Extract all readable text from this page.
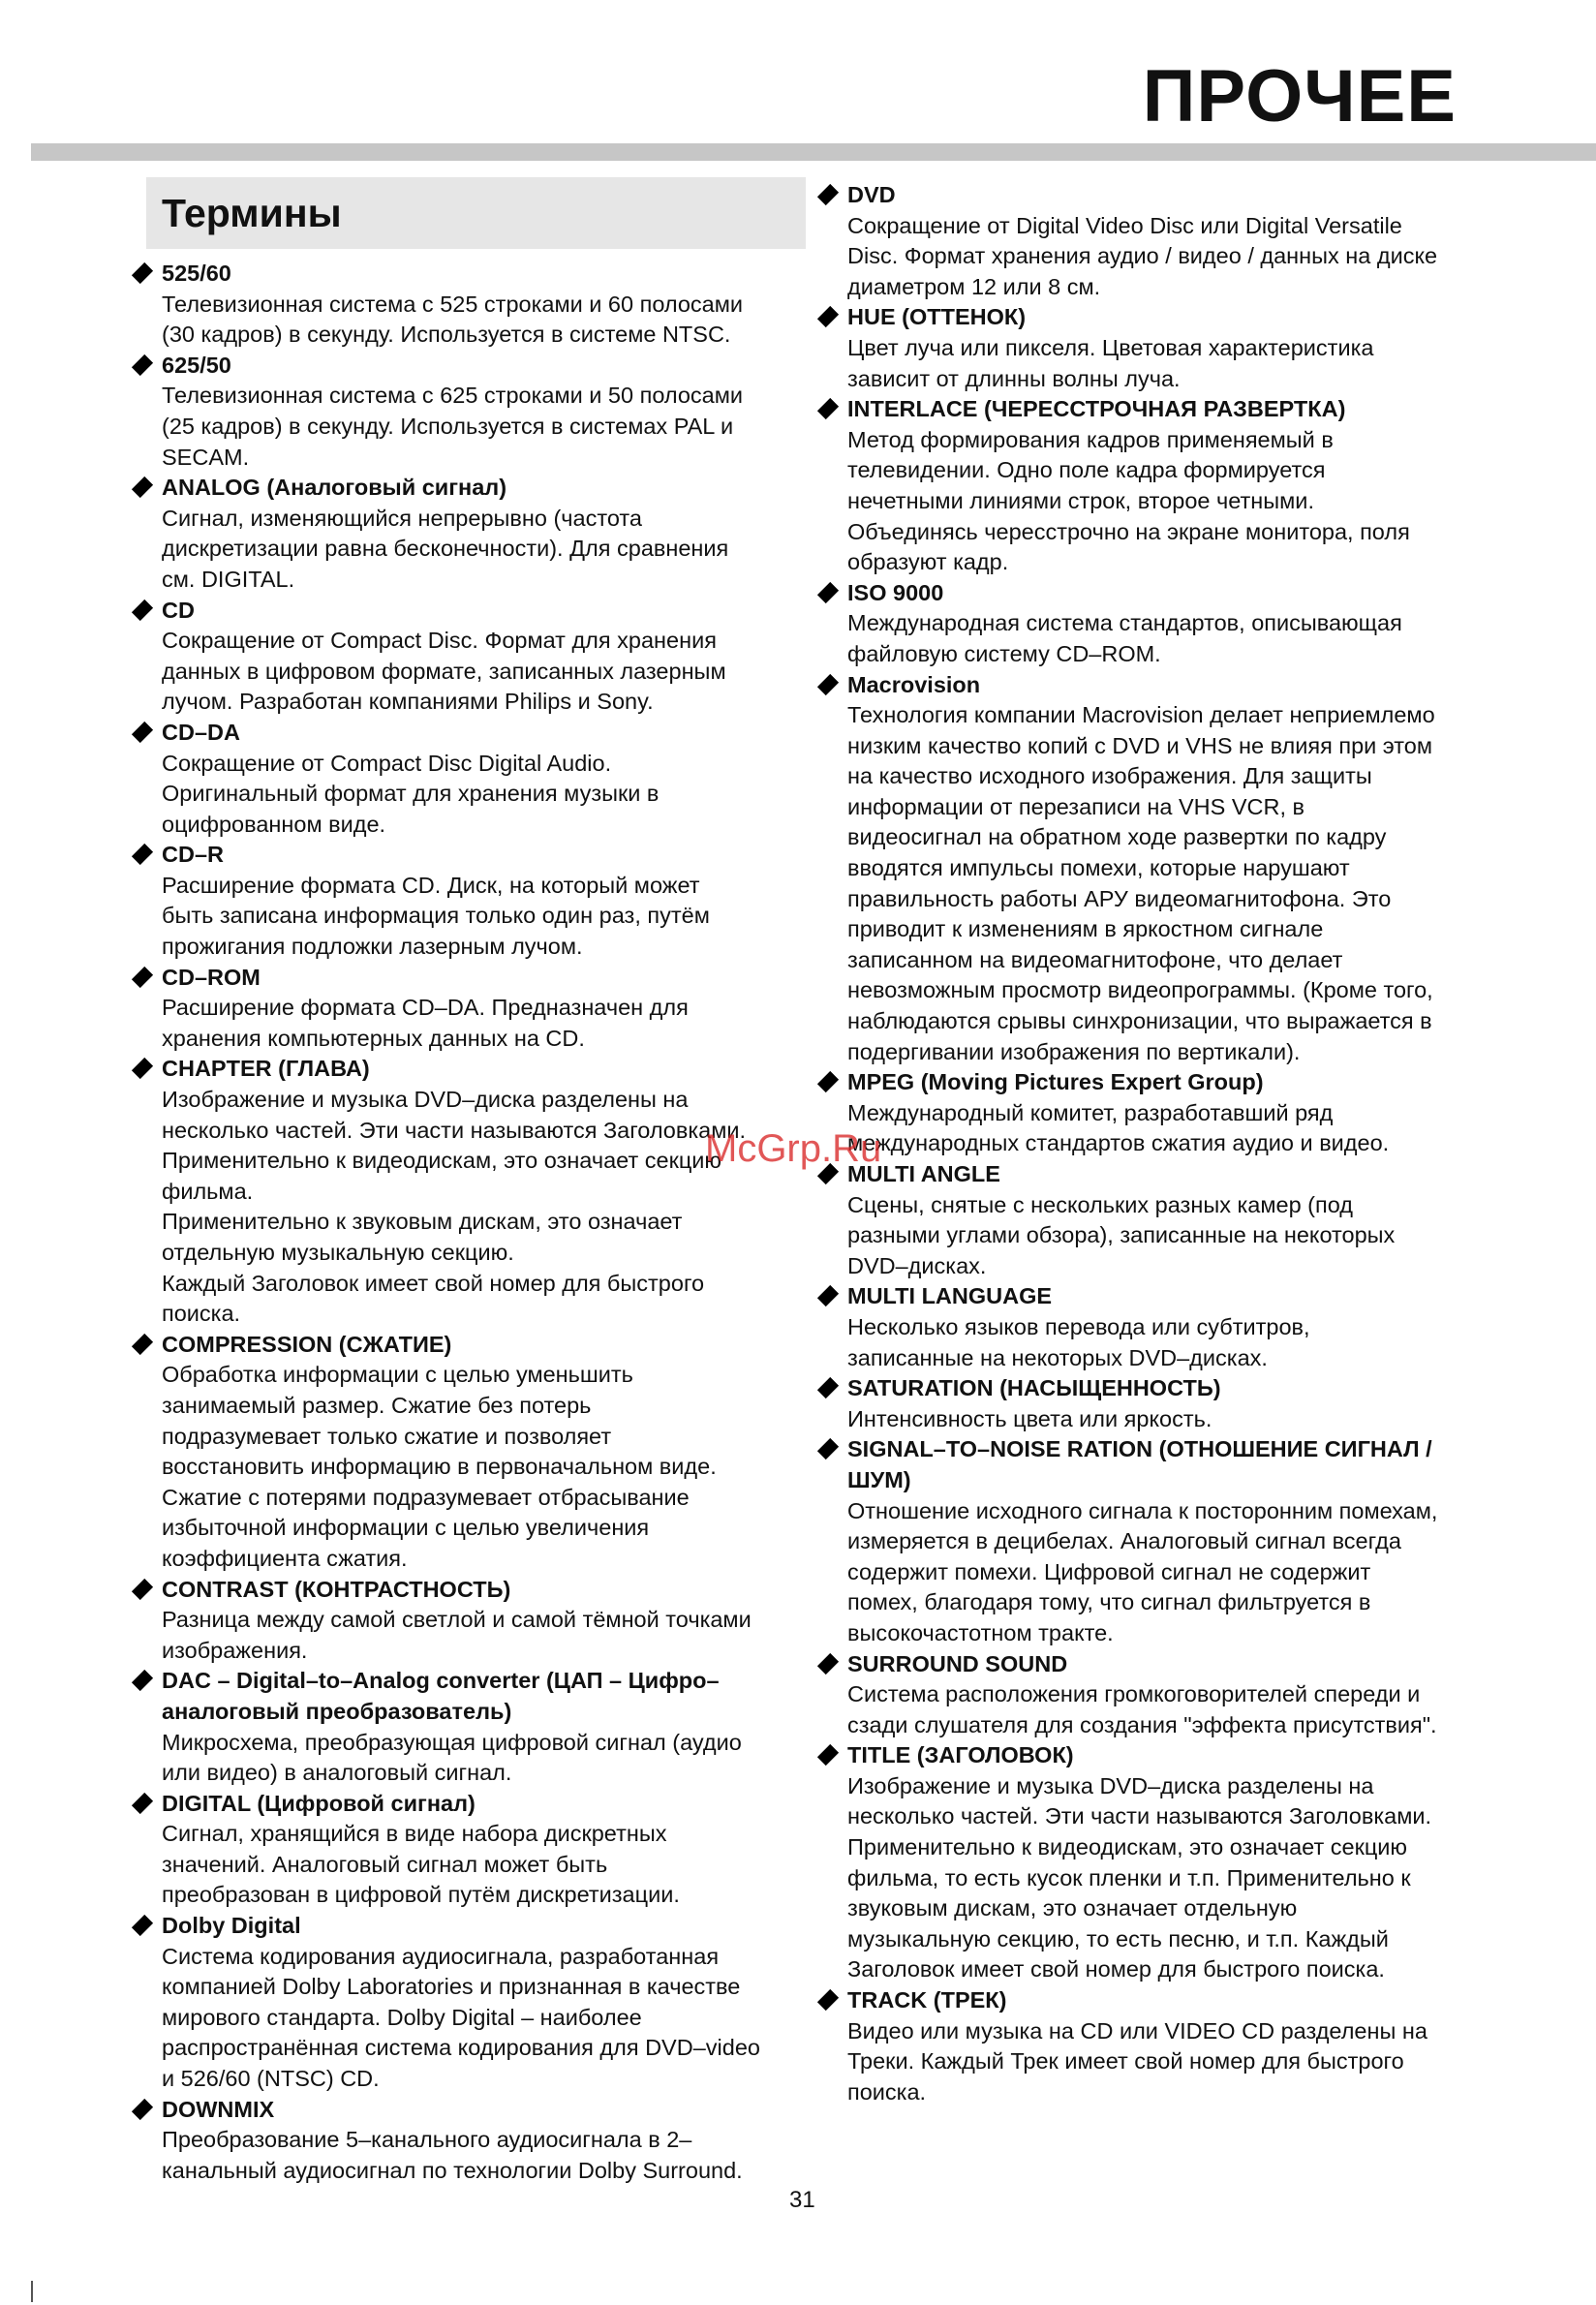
ПРОЧЕЕ
Термины
525/60
Телевизионная система с 525 строками и 60 полосами
(30 кадров) в секунду. Используется в системе NTSC.
625/50
Телевизионная система с 625 строками и 50 полосами
(25 кадров) в секунду. Используется в системах PAL и
SECAM.
ANALOG (Аналоговый сигнал)
Сигнал, изменяющийся непрерывно (частота
дискретизации равна бесконечности). Для сравнения
см. DIGITAL.
CD
Сокращение от Compact Disc. Формат для хранения
данных в цифровом формате, записанных лазерным
лучом. Разработан компаниями Philips и Sony.
CD–DA
Сокращение от Compact Disc Digital Audio.
Оригинальный формат для хранения музыки в
оцифрованном виде.
CD–R
Расширение формата CD. Диск, на который может
быть записана информация только один раз, путём
прожигания подложки лазерным лучом.
CD–ROM
Расширение формата CD–DA. Предназначен для
хранения компьютерных данных на CD.
CHAPTER (ГЛАВА)
Изображение и музыка DVD–диска разделены на
несколько частей. Эти части называются Заголовками.
Применительно к видеодискам, это означает секцию
фильма.
Применительно к звуковым дискам, это означает
отдельную музыкальную секцию.
Каждый Заголовок имеет свой номер для быстрого
поиска.
COMPRESSION (СЖАТИЕ)
Обработка информации с целью уменьшить
занимаемый размер. Сжатие без потерь
подразумевает только сжатие и позволяет
восстановить информацию в первоначальном виде.
Сжатие с потерями подразумевает отбрасывание
избыточной информации с целью увеличения
коэффициента сжатия.
CONTRAST (КОНТРАСТНОСТЬ)
Разница между самой светлой и самой тёмной точками
изображения.
DAC – Digital–to–Analog converter (ЦАП – Цифро–
аналоговый преобразователь)
Микросхема, преобразующая цифровой сигнал (аудио
или видео) в аналоговый сигнал.
DIGITAL (Цифровой сигнал)
Сигнал, хранящийся в виде набора дискретных
значений. Аналоговый сигнал может быть
преобразован в цифровой путём дискретизации.
Dolby Digital
Система кодирования аудиосигнала, разработанная
компанией Dolby Laboratories и признанная в качестве
мирового стандарта. Dolby Digital – наиболее
распространённая система кодирования для DVD–video
и 526/60 (NTSC) CD.
DOWNMIX
Преобразование 5–канального аудиосигнала в 2–
канальный аудиосигнал по технологии Dolby Surround.
DVD
Сокращение от Digital Video Disc или Digital Versatile
Disc. Формат хранения аудио / видео / данных на диске
диаметром 12 или 8 см.
HUE (ОТТЕНОК)
Цвет луча или пикселя. Цветовая характеристика
зависит от длинны волны луча.
INTERLACE (ЧЕРЕССТРОЧНАЯ РАЗВЕРТКА)
Метод формирования кадров применяемый в
телевидении. Одно поле кадра формируется
нечетными линиями строк, второе четными.
Объединясь чересстрочно на экране монитора, поля
образуют кадр.
ISO 9000
Международная система стандартов, описывающая
файловую систему CD–ROM.
Macrovision
Технология компании Macrovision делает неприемлемо
низким качество копий с DVD и VHS не влияя при этом
на качество исходного изображения. Для защиты
информации от перезаписи на VHS VCR, в
видеосигнал на обратном ходе развертки по кадру
вводятся импульсы помехи, которые нарушают
правильность работы АРУ видеомагнитофона. Это
приводит к изменениям в яркостном сигнале
записанном на видеомагнитофоне, что делает
невозможным просмотр видеопрограммы. (Кроме того,
наблюдаются срывы синхронизации, что выражается в
подергивании изображения по вертикали).
MPEG (Moving Pictures Expert Group)
Международный комитет, разработавший ряд
международных стандартов сжатия аудио и видео.
MULTI ANGLE
Сцены, снятые с нескольких разных камер (под
разными углами обзора), записанные на некоторых
DVD–дисках.
MULTI LANGUAGE
Несколько языков перевода или субтитров,
записанные на некоторых DVD–дисках.
SATURATION (НАСЫЩЕННОСТЬ)
Интенсивность цвета или яркость.
SIGNAL–TO–NOISE RATION (ОТНОШЕНИЕ СИГНАЛ /
ШУМ)
Отношение исходного сигнала к посторонним помехам,
измеряется в децибелах. Аналоговый сигнал всегда
содержит помехи. Цифровой сигнал не содержит
помех, благодаря тому, что сигнал фильтруется в
высокочастотном тракте.
SURROUND SOUND
Система расположения громкоговорителей спереди и
сзади слушателя для создания "эффекта присутствия".
TITLE (ЗАГОЛОВОК)
Изображение и музыка DVD–диска разделены на
несколько частей. Эти части называются Заголовками.
Применительно к видеодискам, это означает секцию
фильма, то есть кусок пленки и т.п. Применительно к
звуковым дискам, это означает отдельную
музыкальную секцию, то есть песню, и т.п. Каждый
Заголовок имеет свой номер для быстрого поиска.
TRACK (ТРЕК)
Видео или музыка на CD или VIDEO CD разделены на
Треки. Каждый Трек имеет свой номер для быстрого
поиска.
McGrp.Ru
31
